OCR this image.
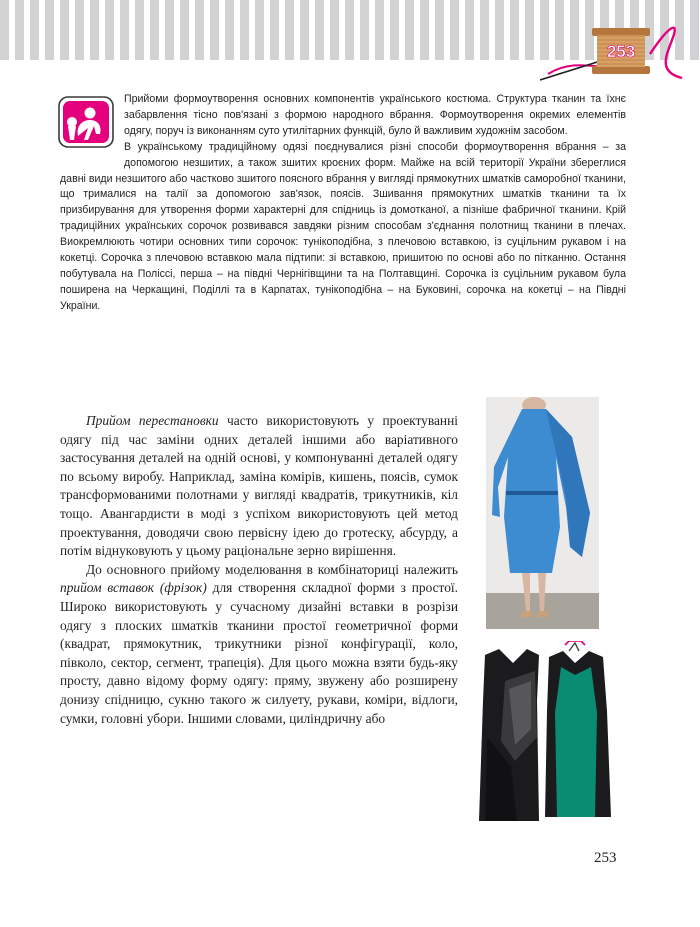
253

Прийоми формоутворення основних компонентів українського костюма. Структура тканин та їхнє забарвлення тісно пов'язані з формою народного вбрання. Формоутворення окремих елементів одягу, поруч із виконанням суто утилітарних функцій, було й важливим художнім засобом.

В українському традиційному одязі поєднувалися різні способи формоутворення вбрання – за допомогою незшитих, а також зшитих кроєних форм. Майже на всій території України збереглися давні види незшитого або частково зшитого поясного вбрання у вигляді прямокутних шматків саморобної тканини, що трималися на талії за допомогою зав'язок, поясів. Зшивання прямокутних шматків тканини та їх призбирування для утворення форми характерні для спідниць із домотканої, а пізніше фабричної тканини. Крій традиційних українських сорочок розвивався завдяки різним способам з'єднання полотнищ тканини в плечах. Виокремлюють чотири основних типи сорочок: тунікоподібна, з плечовою вставкою, із суцільним рукавом і на кокетці. Сорочка з плечовою вставкою мала підтипи: зі вставкою, пришитою по основі або по пітканню. Остання побутувала на Поліссі, перша – на півдні Чернігівщини та на Полтавщині. Сорочка із суцільним рукавом була поширена на Черкащині, Поділлі та в Карпатах, тунікоподібна – на Буковині, сорочка на кокетці – на Півдні України.

Прийом перестановки часто використовують у проектуванні одягу під час заміни одних деталей іншими або варіативного застосування деталей на одній основі, у компонуванні деталей одягу по всьому виробу. Наприклад, заміна комірів, кишень, поясів, сумок трансформованими полотнами у вигляді квадратів, трикутників, кіл тощо. Авангардисти в моді з успіхом використовують цей метод проектування, доводячи свою первісну ідею до гротеску, абсурду, а потім віднуковують у цьому раціональне зерно вирішення.

До основного прийому моделювання в комбінаториці належить прийом вставок (фрізок) для створення складної форми з простої. Широко використовують у сучасному дизайні вставки в розрізи одягу з плоских шматків тканини простої геометричної форми (квадрат, прямокутник, трикутники різної конфігурації, коло, півколо, сектор, сегмент, трапеція). Для цього можна взяти будь-яку просту, давно відому форму одягу: пряму, звужену або розширену донизу спідницю, сукню такого ж силуету, рукави, коміри, відлоги, сумки, головні убори. Іншими словами, циліндричну або

253
